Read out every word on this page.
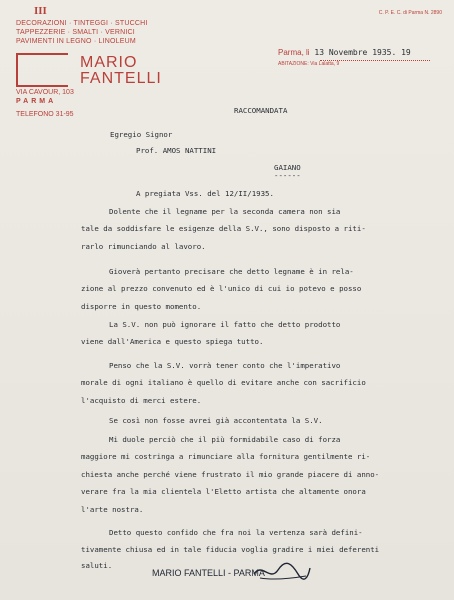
III
DECORAZIONI · TINTEGGI · STUCCHI
TAPPEZZERIE · SMALTI · VERNICI
PAVIMENTI IN LEGNO · LINOLEUM
MARIO
FANTELLI
VIA CAVOUR, 103
PARMA
TELEFONO 31-95
C. P. E. C. di Parma N. 2890
Parma, li 13 Novembre 1935. 19
ABITAZIONE: Via Lalatta, 9
RACCOMANDATA
Egregio Signor
Prof. AMOS NATTINI
GAIANO
------
A pregiata Vss. del 12/II/1935.
Dolente che il legname per la seconda camera non sia
tale da soddisfare le esigenze della S.V., sono disposto a riti-
rarlo rimunciando al lavoro.
Gioverà pertanto precisare che detto legname è in rela-
zione al prezzo convenuto ed è l'unico di cui io potevo e posso
disporre in questo momento.
La S.V. non può ignorare il fatto che detto prodotto
viene dall'America e questo spiega tutto.
Penso che la S.V. vorrà tener conto che l'imperativo
morale di ogni italiano è quello di evitare anche con sacrificio
l'acquisto di merci estere.
Se così non fosse avrei già accontentata la S.V.
Mi duole perciò che il più formidabile caso di forza
maggiore mi costringa a rimunciare alla fornitura gentilmente ri-
chiesta anche perché viene frustrato il mio grande piacere di anno-
verare fra la mia clientela l'Eletto artista che altamente onora
l'arte nostra.
Detto questo confido che fra noi la vertenza sarà defini-
tivamente chiusa ed in tale fiducia voglia gradire i miei deferenti
saluti.
MARIO FANTELLI - PARMA
